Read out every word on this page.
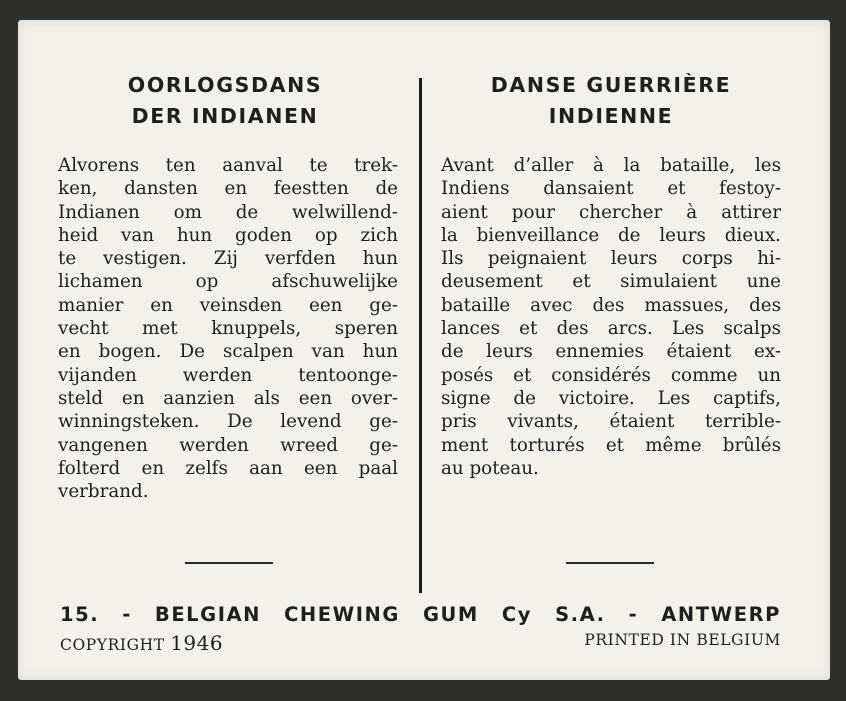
OORLOGSDANS
DER INDIANEN
Alvorens ten aanval te trek-
ken, dansten en feestten de
Indianen om de welwillend-
heid van hun goden op zich
te vestigen. Zij verfden hun
lichamen op afschuwelijke
manier en veinsden een ge-
vecht met knuppels, speren
en bogen. De scalpen van hun
vijanden werden tentoonge-
steld en aanzien als een over-
winningsteken. De levend ge-
vangenen werden wreed ge-
folterd en zelfs aan een paal
verbrand.
DANSE GUERRIÈRE
INDIENNE
Avant d’aller à la bataille, les
Indiens dansaient et festoy-
aient pour chercher à attirer
la bienveillance de leurs dieux.
Ils peignaient leurs corps hi-
deusement et simulaient une
bataille avec des massues, des
lances et des arcs. Les scalps
de leurs ennemies étaient ex-
posés et considérés comme un
signe de victoire. Les captifs,
pris vivants, étaient terrible-
ment torturés et même brûlés
au poteau.
15. - BELGIAN CHEWING GUM Cy S.A. - ANTWERP
COPYRIGHT 1946	PRINTED IN BELGIUM
